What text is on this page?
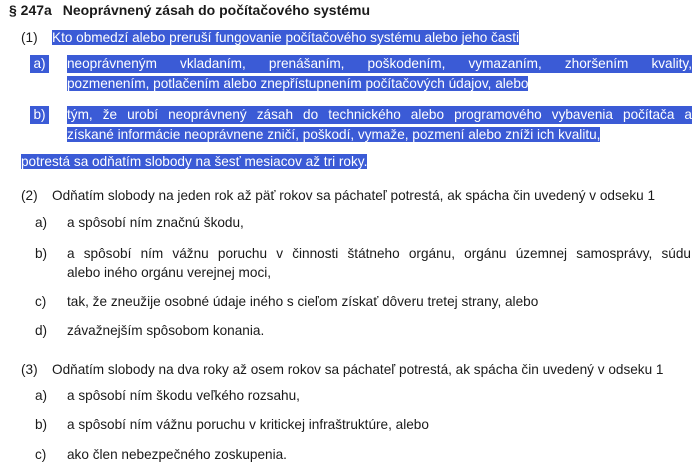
§ 247a Neoprávnený zásah do počítačového systému
(1) Kto obmedzí alebo preruší fungovanie počítačového systému alebo jeho časti
a) neoprávneným vkladaním, prenášaním, poškodením, vymazaním, zhoršením kvality,
pozmenením, potlačením alebo znepřístupnením počítačových údajov, alebo
b) tým, že urobí neoprávnený zásah do technického alebo programového vybavenia počítača a
získané informácie neoprávnene zničí, poškodí, vymaže, pozmení alebo zníži ich kvalitu,
potrestá sa odňatím slobody na šesť mesiacov až tri roky.
(2) Odňatím slobody na jeden rok až päť rokov sa páchateľ potrestá, ak spácha čin uvedený v odseku 1
a) a spôsobí ním značnú škodu,
b) a spôsobí ním vážnu poruchu v činnosti štátneho orgánu, orgánu územnej samosprávy, súdu
alebo iného orgánu verejnej moci,
c) tak, že zneužije osobné údaje iného s cieľom získať dôveru tretej strany, alebo
d) závažnejším spôsobom konania.
(3) Odňatím slobody na dva roky až osem rokov sa páchateľ potrestá, ak spácha čin uvedený v odseku 1
a) a spôsobí ním škodu veľkého rozsahu,
b) a spôsobí ním vážnu poruchu v kritickej infraštruktúre, alebo
c) ako člen nebezpečného zoskupenia.
